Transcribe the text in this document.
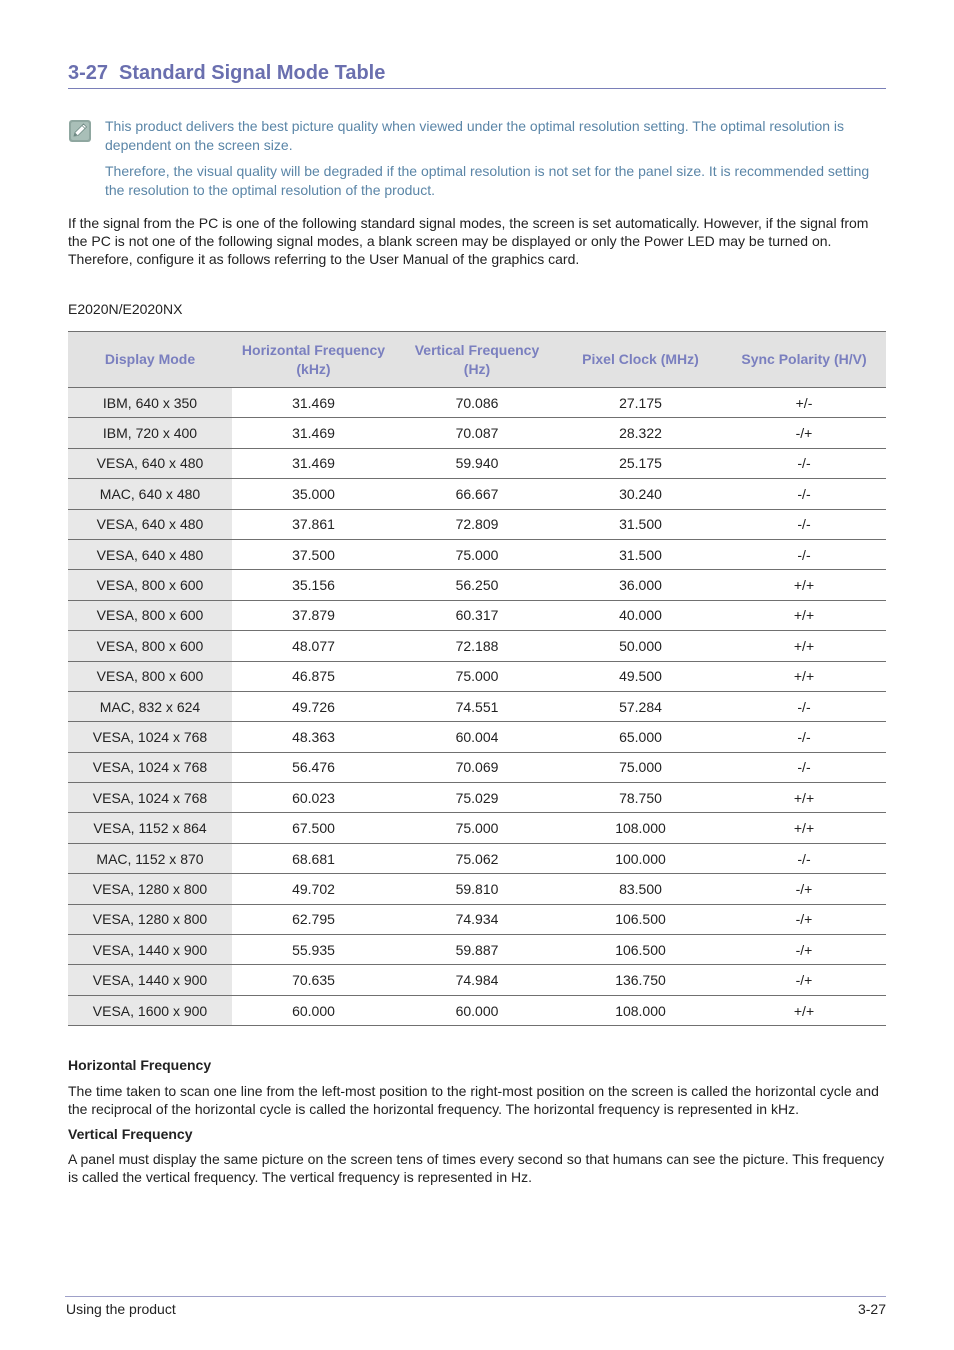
3-27 Standard Signal Mode Table
This product delivers the best picture quality when viewed under the optimal resolution setting. The optimal resolution is dependent on the screen size.
Therefore, the visual quality will be degraded if the optimal resolution is not set for the panel size. It is recommended setting the resolution to the optimal resolution of the product.
If the signal from the PC is one of the following standard signal modes, the screen is set automatically. However, if the signal from the PC is not one of the following signal modes, a blank screen may be displayed or only the Power LED may be turned on. Therefore, configure it as follows referring to the User Manual of the graphics card.
E2020N/E2020NX
Display Mode	Horizontal Frequency (kHz)	Vertical Frequency (Hz)	Pixel Clock (MHz)	Sync Polarity (H/V)
IBM, 640 x 350	31.469	70.086	27.175	+/-
IBM, 720 x 400	31.469	70.087	28.322	-/+
VESA, 640 x 480	31.469	59.940	25.175	-/-
MAC, 640 x 480	35.000	66.667	30.240	-/-
VESA, 640 x 480	37.861	72.809	31.500	-/-
VESA, 640 x 480	37.500	75.000	31.500	-/-
VESA, 800 x 600	35.156	56.250	36.000	+/+
VESA, 800 x 600	37.879	60.317	40.000	+/+
VESA, 800 x 600	48.077	72.188	50.000	+/+
VESA, 800 x 600	46.875	75.000	49.500	+/+
MAC, 832 x 624	49.726	74.551	57.284	-/-
VESA, 1024 x 768	48.363	60.004	65.000	-/-
VESA, 1024 x 768	56.476	70.069	75.000	-/-
VESA, 1024 x 768	60.023	75.029	78.750	+/+
VESA, 1152 x 864	67.500	75.000	108.000	+/+
MAC, 1152 x 870	68.681	75.062	100.000	-/-
VESA, 1280 x 800	49.702	59.810	83.500	-/+
VESA, 1280 x 800	62.795	74.934	106.500	-/+
VESA, 1440 x 900	55.935	59.887	106.500	-/+
VESA, 1440 x 900	70.635	74.984	136.750	-/+
VESA, 1600 x 900	60.000	60.000	108.000	+/+
Horizontal Frequency
The time taken to scan one line from the left-most position to the right-most position on the screen is called the horizontal cycle and the reciprocal of the horizontal cycle is called the horizontal frequency. The horizontal frequency is represented in kHz.
Vertical Frequency
A panel must display the same picture on the screen tens of times every second so that humans can see the picture. This frequency is called the vertical frequency. The vertical frequency is represented in Hz.
Using the product	3-27
